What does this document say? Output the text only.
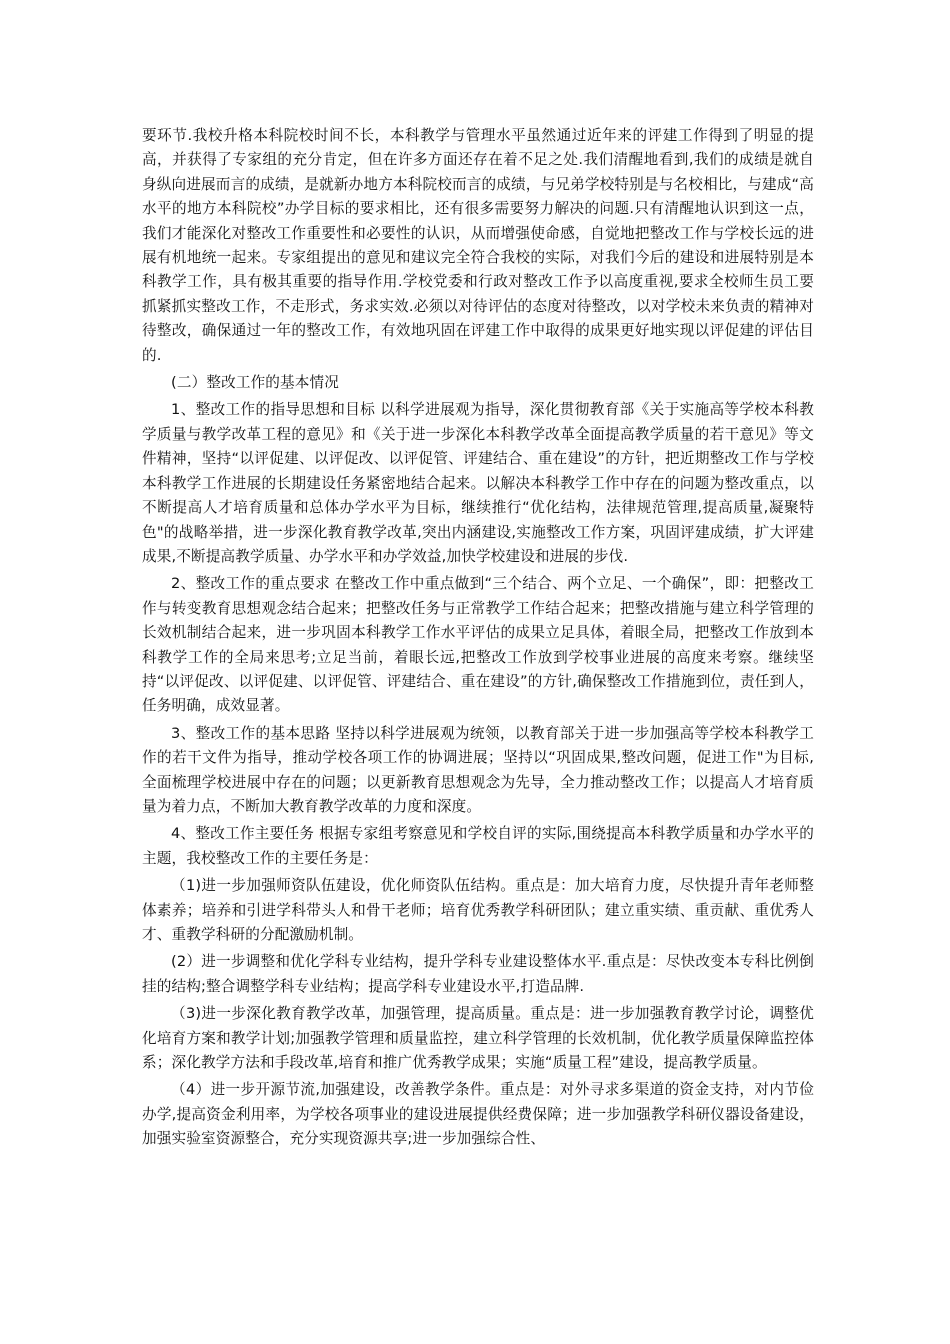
要环节.我校升格本科院校时间不长，本科教学与管理水平虽然通过近年来的评建工作得到了明显的提高，并获得了专家组的充分肯定，但在许多方面还存在着不足之处.我们清醒地看到,我们的成绩是就自身纵向进展而言的成绩，是就新办地方本科院校而言的成绩，与兄弟学校特别是与名校相比，与建成“高水平的地方本科院校”办学目标的要求相比，还有很多需要努力解决的问题.只有清醒地认识到这一点，我们才能深化对整改工作重要性和必要性的认识，从而增强使命感，自觉地把整改工作与学校长远的进展有机地统一起来。专家组提出的意见和建议完全符合我校的实际，对我们今后的建设和进展特别是本科教学工作，具有极其重要的指导作用.学校党委和行政对整改工作予以高度重视,要求全校师生员工要抓紧抓实整改工作，不走形式，务求实效.必须以对待评估的态度对待整改，以对学校未来负责的精神对待整改，确保通过一年的整改工作，有效地巩固在评建工作中取得的成果更好地实现以评促建的评估目的.

(二）整改工作的基本情况

1、整改工作的指导思想和目标 以科学进展观为指导，深化贯彻教育部《关于实施高等学校本科教学质量与教学改革工程的意见》和《关于进一步深化本科教学改革全面提高教学质量的若干意见》等文件精神，坚持“以评促建、以评促改、以评促管、评建结合、重在建设”的方针，把近期整改工作与学校本科教学工作进展的长期建设任务紧密地结合起来。以解决本科教学工作中存在的问题为整改重点，以不断提高人才培育质量和总体办学水平为目标，继续推行“优化结构，法律规范管理,提高质量,凝聚特色"的战略举措，进一步深化教育教学改革,突出内涵建设,实施整改工作方案，巩固评建成绩，扩大评建成果,不断提高教学质量、办学水平和办学效益,加快学校建设和进展的步伐.

2、整改工作的重点要求 在整改工作中重点做到“三个结合、两个立足、一个确保”，即：把整改工作与转变教育思想观念结合起来；把整改任务与正常教学工作结合起来；把整改措施与建立科学管理的长效机制结合起来，进一步巩固本科教学工作水平评估的成果立足具体，着眼全局，把整改工作放到本科教学工作的全局来思考;立足当前，着眼长远,把整改工作放到学校事业进展的高度来考察。继续坚持“以评促改、以评促建、以评促管、评建结合、重在建设”的方针,确保整改工作措施到位，责任到人，任务明确，成效显著。

3、整改工作的基本思路 坚持以科学进展观为统领，以教育部关于进一步加强高等学校本科教学工作的若干文件为指导，推动学校各项工作的协调进展；坚持以“巩固成果,整改问题，促进工作"为目标,全面梳理学校进展中存在的问题；以更新教育思想观念为先导，全力推动整改工作；以提高人才培育质量为着力点，不断加大教育教学改革的力度和深度。

4、整改工作主要任务 根据专家组考察意见和学校自评的实际,围绕提高本科教学质量和办学水平的主题，我校整改工作的主要任务是：

（1)进一步加强师资队伍建设，优化师资队伍结构。重点是：加大培育力度，尽快提升青年老师整体素养；培养和引进学科带头人和骨干老师；培育优秀教学科研团队；建立重实绩、重贡献、重优秀人才、重教学科研的分配激励机制。

(2）进一步调整和优化学科专业结构，提升学科专业建设整体水平.重点是：尽快改变本专科比例倒挂的结构;整合调整学科专业结构；提高学科专业建设水平,打造品牌.

（3)进一步深化教育教学改革，加强管理，提高质量。重点是：进一步加强教育教学讨论，调整优化培育方案和教学计划;加强教学管理和质量监控，建立科学管理的长效机制，优化教学质量保障监控体系；深化教学方法和手段改革,培育和推广优秀教学成果；实施“质量工程”建设，提高教学质量。

（4）进一步开源节流,加强建设，改善教学条件。重点是：对外寻求多渠道的资金支持，对内节俭办学,提高资金利用率，为学校各项事业的建设进展提供经费保障；进一步加强教学科研仪器设备建设，加强实验室资源整合，充分实现资源共享;进一步加强综合性、
